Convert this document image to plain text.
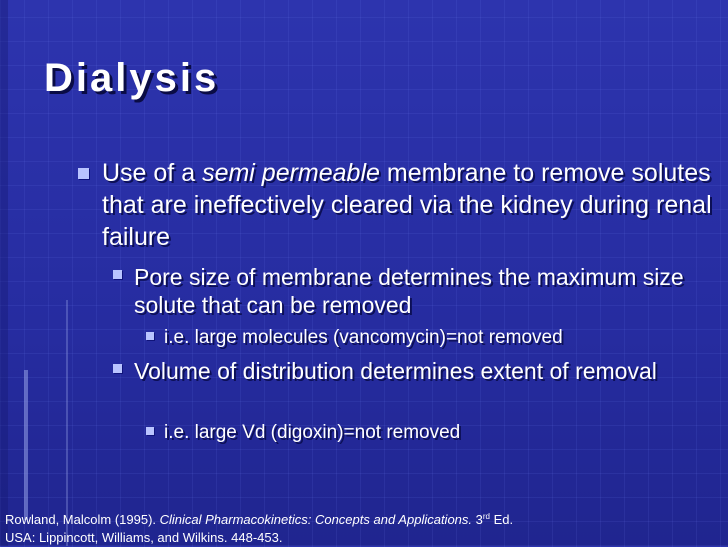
Dialysis

Use of a semi permeable membrane to remove solutes that are ineffectively cleared via the kidney during renal failure

Pore size of membrane determines the maximum size solute that can be removed

i.e. large molecules (vancomycin)=not removed

Volume of distribution determines extent of removal

i.e. large Vd (digoxin)=not removed

Rowland, Malcolm (1995). Clinical Pharmacokinetics: Concepts and Applications. 3rd Ed.
USA: Lippincott, Williams, and Wilkins. 448-453.
